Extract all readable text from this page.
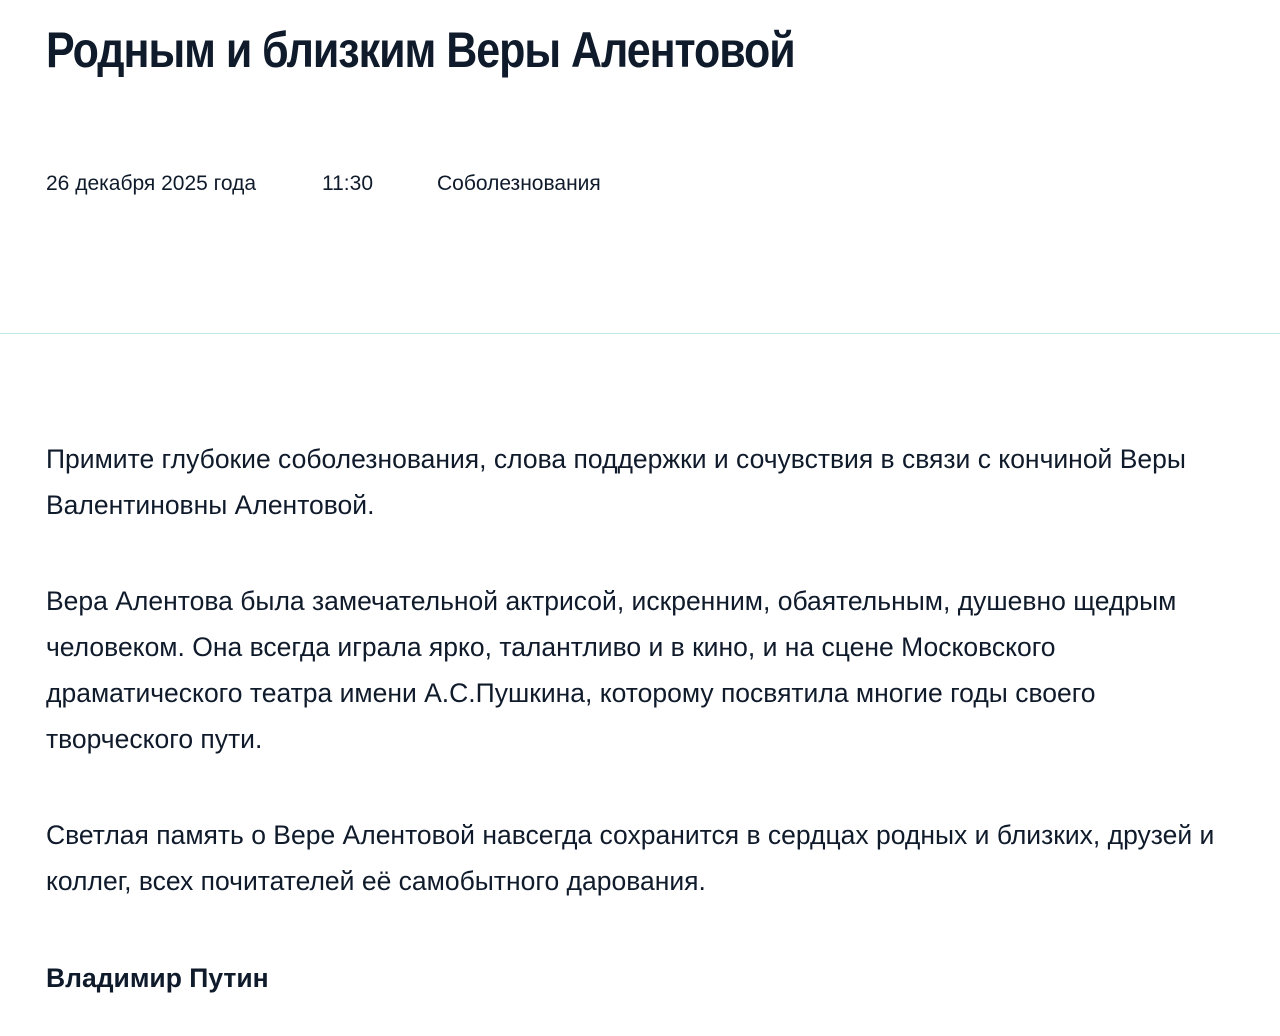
Родным и близким Веры Алентовой
26 декабря 2025 года	11:30	Соболезнования

Примите глубокие соболезнования, слова поддержки и сочувствия в связи с кончиной Веры Валентиновны Алентовой.

Вера Алентова была замечательной актрисой, искренним, обаятельным, душевно щедрым человеком. Она всегда играла ярко, талантливо и в кино, и на сцене Московского драматического театра имени А.С.Пушкина, которому посвятила многие годы своего творческого пути.

Светлая память о Вере Алентовой навсегда сохранится в сердцах родных и близких, друзей и коллег, всех почитателей её самобытного дарования.

Владимир Путин
